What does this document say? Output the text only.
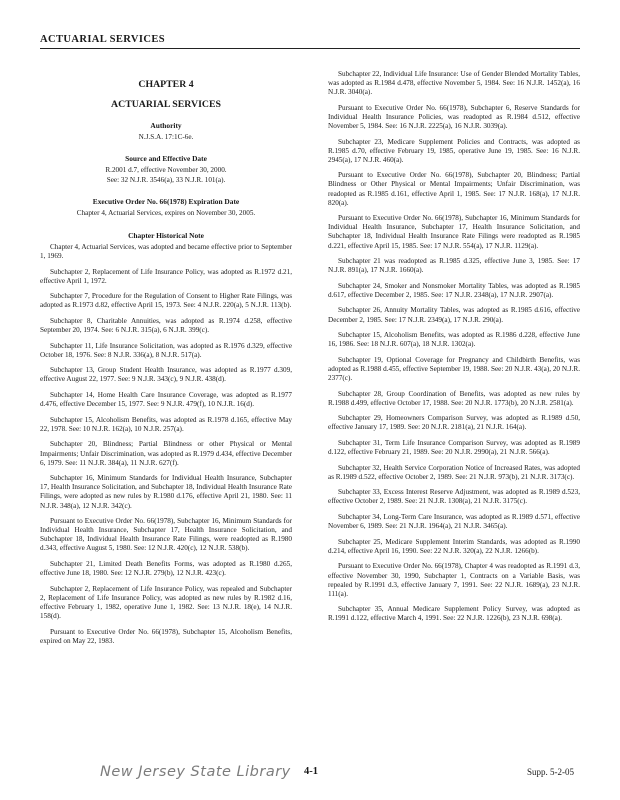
ACTUARIAL SERVICES
CHAPTER 4
ACTUARIAL SERVICES
Authority
N.J.S.A. 17:1C-6e.
Source and Effective Date
R.2001 d.7, effective November 30, 2000.
See: 32 N.J.R. 3546(a), 33 N.J.R. 101(a).
Executive Order No. 66(1978) Expiration Date
Chapter 4, Actuarial Services, expires on November 30, 2005.
Chapter Historical Note

Chapter 4, Actuarial Services, was adopted and became effective prior to September 1, 1969.

Subchapter 2, Replacement of Life Insurance Policy, was adopted as R.1972 d.21, effective April 1, 1972.

Subchapter 7, Procedure for the Regulation of Consent to Higher Rate Filings, was adopted as R.1973 d.82, effective April 15, 1973. See: 4 N.J.R. 220(a), 5 N.J.R. 113(b).

Subchapter 8, Charitable Annuities, was adopted as R.1974 d.258, effective September 20, 1974. See: 6 N.J.R. 315(a), 6 N.J.R. 399(c).

Subchapter 11, Life Insurance Solicitation, was adopted as R.1976 d.329, effective October 18, 1976. See: 8 N.J.R. 336(a), 8 N.J.R. 517(a).

Subchapter 13, Group Student Health Insurance, was adopted as R.1977 d.309, effective August 22, 1977. See: 9 N.J.R. 343(c), 9 N.J.R. 438(d).

Subchapter 14, Home Health Care Insurance Coverage, was adopted as R.1977 d.476, effective December 15, 1977. See: 9 N.J.R. 479(f), 10 N.J.R. 16(d).

Subchapter 15, Alcoholism Benefits, was adopted as R.1978 d.165, effective May 22, 1978. See: 10 N.J.R. 162(a), 10 N.J.R. 257(a).

Subchapter 20, Blindness; Partial Blindness or other Physical or Mental Impairments; Unfair Discrimination, was adopted as R.1979 d.434, effective December 6, 1979. See: 11 N.J.R. 384(a), 11 N.J.R. 627(f).

Subchapter 16, Minimum Standards for Individual Health Insurance, Subchapter 17, Health Insurance Solicitation, and Subchapter 18, Individual Health Insurance Rate Filings, were adopted as new rules by R.1980 d.176, effective April 21, 1980. See: 11 N.J.R. 348(a), 12 N.J.R. 342(c).

Pursuant to Executive Order No. 66(1978), Subchapter 16, Minimum Standards for Individual Health Insurance, Subchapter 17, Health Insurance Solicitation, and Subchapter 18, Individual Health Insurance Rate Filings, were readopted as R.1980 d.343, effective August 5, 1980. See: 12 N.J.R. 420(c), 12 N.J.R. 538(b).

Subchapter 21, Limited Death Benefits Forms, was adopted as R.1980 d.265, effective June 18, 1980. See: 12 N.J.R. 279(b), 12 N.J.R. 423(c).

Subchapter 2, Replacement of Life Insurance Policy, was repealed and Subchapter 2, Replacement of Life Insurance Policy, was adopted as new rules by R.1982 d.16, effective February 1, 1982, operative June 1, 1982. See: 13 N.J.R. 18(e), 14 N.J.R. 158(d).

Pursuant to Executive Order No. 66(1978), Subchapter 15, Alcoholism Benefits, expired on May 22, 1983.

Subchapter 22, Individual Life Insurance: Use of Gender Blended Mortality Tables, was adopted as R.1984 d.478, effective November 5, 1984. See: 16 N.J.R. 1452(a), 16 N.J.R. 3040(a).

Pursuant to Executive Order No. 66(1978), Subchapter 6, Reserve Standards for Individual Health Insurance Policies, was readopted as R.1984 d.512, effective November 5, 1984. See: 16 N.J.R. 2225(a), 16 N.J.R. 3039(a).

Subchapter 23, Medicare Supplement Policies and Contracts, was adopted as R.1985 d.70, effective February 19, 1985, operative June 19, 1985. See: 16 N.J.R. 2945(a), 17 N.J.R. 460(a).

Pursuant to Executive Order No. 66(1978), Subchapter 20, Blindness; Partial Blindness or Other Physical or Mental Impairments; Unfair Discrimination, was readopted as R.1985 d.161, effective April 1, 1985. See: 17 N.J.R. 168(a), 17 N.J.R. 820(a).

Pursuant to Executive Order No. 66(1978), Subchapter 16, Minimum Standards for Individual Health Insurance, Subchapter 17, Health Insurance Solicitation, and Subchapter 18, Individual Health Insurance Rate Filings were readopted as R.1985 d.221, effective April 15, 1985. See: 17 N.J.R. 554(a), 17 N.J.R. 1129(a).

Subchapter 21 was readopted as R.1985 d.325, effective June 3, 1985. See: 17 N.J.R. 891(a), 17 N.J.R. 1660(a).

Subchapter 24, Smoker and Nonsmoker Mortality Tables, was adopted as R.1985 d.617, effective December 2, 1985. See: 17 N.J.R. 2348(a), 17 N.J.R. 2907(a).

Subchapter 26, Annuity Mortality Tables, was adopted as R.1985 d.616, effective December 2, 1985. See: 17 N.J.R. 2349(a), 17 N.J.R. 290(a).

Subchapter 15, Alcoholism Benefits, was adopted as R.1986 d.228, effective June 16, 1986. See: 18 N.J.R. 607(a), 18 N.J.R. 1302(a).

Subchapter 19, Optional Coverage for Pregnancy and Childbirth Benefits, was adopted as R.1988 d.455, effective September 19, 1988. See: 20 N.J.R. 43(a), 20 N.J.R. 2377(c).

Subchapter 28, Group Coordination of Benefits, was adopted as new rules by R.1988 d.499, effective October 17, 1988. See: 20 N.J.R. 1773(b), 20 N.J.R. 2581(a).

Subchapter 29, Homeowners Comparison Survey, was adopted as R.1989 d.50, effective January 17, 1989. See: 20 N.J.R. 2181(a), 21 N.J.R. 164(a).

Subchapter 31, Term Life Insurance Comparison Survey, was adopted as R.1989 d.122, effective February 21, 1989. See: 20 N.J.R. 2990(a), 21 N.J.R. 566(a).

Subchapter 32, Health Service Corporation Notice of Increased Rates, was adopted as R.1989 d.522, effective October 2, 1989. See: 21 N.J.R. 973(b), 21 N.J.R. 3173(c).

Subchapter 33, Excess Interest Reserve Adjustment, was adopted as R.1989 d.523, effective October 2, 1989. See: 21 N.J.R. 1308(a), 21 N.J.R. 3175(c).

Subchapter 34, Long-Term Care Insurance, was adopted as R.1989 d.571, effective November 6, 1989. See: 21 N.J.R. 1964(a), 21 N.J.R. 3465(a).

Subchapter 25, Medicare Supplement Interim Standards, was adopted as R.1990 d.214, effective April 16, 1990. See: 22 N.J.R. 320(a), 22 N.J.R. 1266(b).

Pursuant to Executive Order No. 66(1978), Chapter 4 was readopted as R.1991 d.3, effective November 30, 1990, Subchapter 1, Contracts on a Variable Basis, was repealed by R.1991 d.3, effective January 7, 1991. See: 22 N.J.R. 1689(a), 23 N.J.R. 111(a).

Subchapter 35, Annual Medicare Supplement Policy Survey, was adopted as R.1991 d.122, effective March 4, 1991. See: 22 N.J.R. 1226(b), 23 N.J.R. 698(a).

New Jersey State Library 4-1	Supp. 5-2-05
